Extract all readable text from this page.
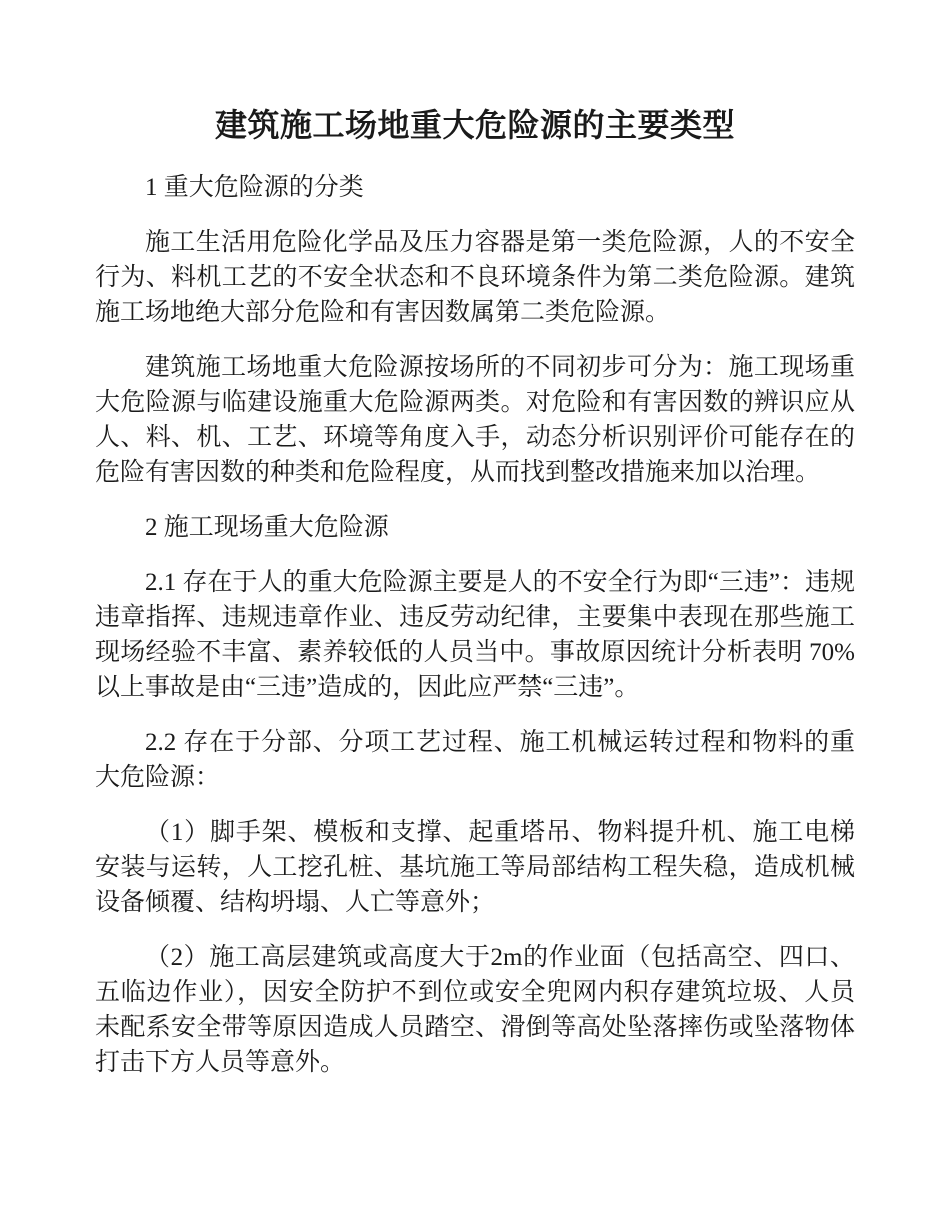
建筑施工场地重大危险源的主要类型

1 重大危险源的分类

施工生活用危险化学品及压力容器是第一类危险源，人的不安全行为、料机工艺的不安全状态和不良环境条件为第二类危险源。建筑施工场地绝大部分危险和有害因数属第二类危险源。

建筑施工场地重大危险源按场所的不同初步可分为：施工现场重大危险源与临建设施重大危险源两类。对危险和有害因数的辨识应从人、料、机、工艺、环境等角度入手，动态分析识别评价可能存在的危险有害因数的种类和危险程度，从而找到整改措施来加以治理。

2 施工现场重大危险源

2.1 存在于人的重大危险源主要是人的不安全行为即“三违”：违规违章指挥、违规违章作业、违反劳动纪律，主要集中表现在那些施工现场经验不丰富、素养较低的人员当中。事故原因统计分析表明 70%以上事故是由“三违”造成的，因此应严禁“三违”。

2.2 存在于分部、分项工艺过程、施工机械运转过程和物料的重大危险源：

（1）脚手架、模板和支撑、起重塔吊、物料提升机、施工电梯安装与运转，人工挖孔桩、基坑施工等局部结构工程失稳，造成机械设备倾覆、结构坍塌、人亡等意外；

（2）施工高层建筑或高度大于2m的作业面（包括高空、四口、五临边作业），因安全防护不到位或安全兜网内积存建筑垃圾、人员未配系安全带等原因造成人员踏空、滑倒等高处坠落摔伤或坠落物体打击下方人员等意外。
